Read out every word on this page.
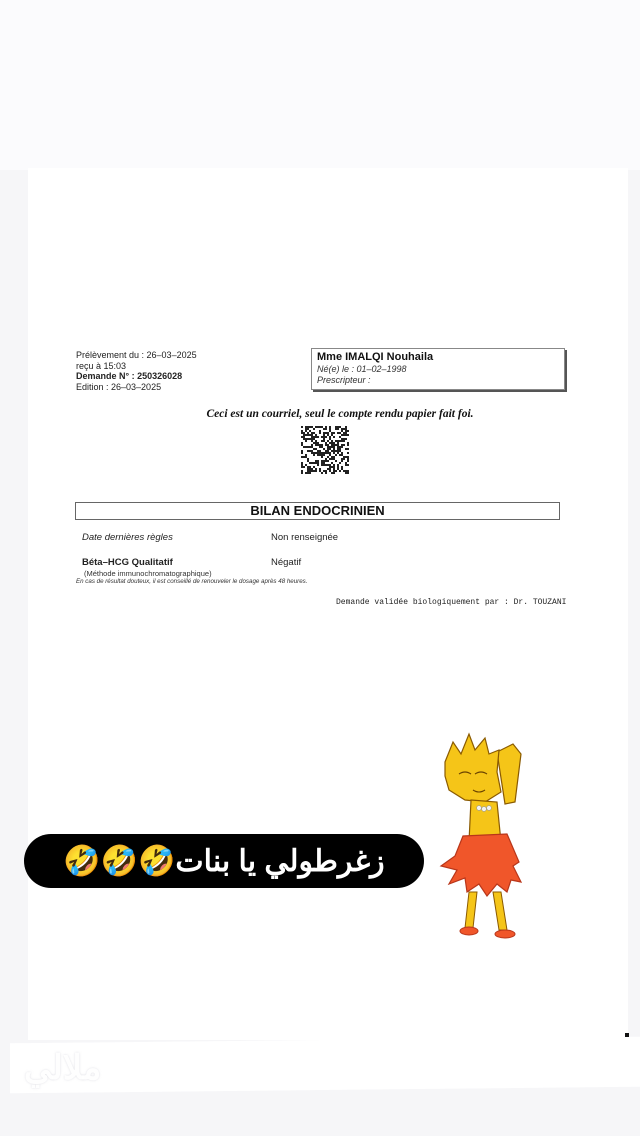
Prélèvement du : 26–03–2025
reçu à 15:03
Demande N° : 250326028
Edition : 26–03–2025
Mme IMALQI Nouhaila
Né(e) le : 01–02–1998
Prescripteur :
Ceci est un courriel, seul le compte rendu papier fait foi.
BILAN ENDOCRINIEN
Date dernières règles	Non renseignée
Béta–HCG Qualitatif	Négatif
(Méthode immunochromatographique)
En cas de résultat douteux, il est conseillé de renouveler le dosage après 48 heures.
Demande validée biologiquement par : Dr. TOUZANI
زغرطولي يا بنات🤣🤣🤣
ملالي
